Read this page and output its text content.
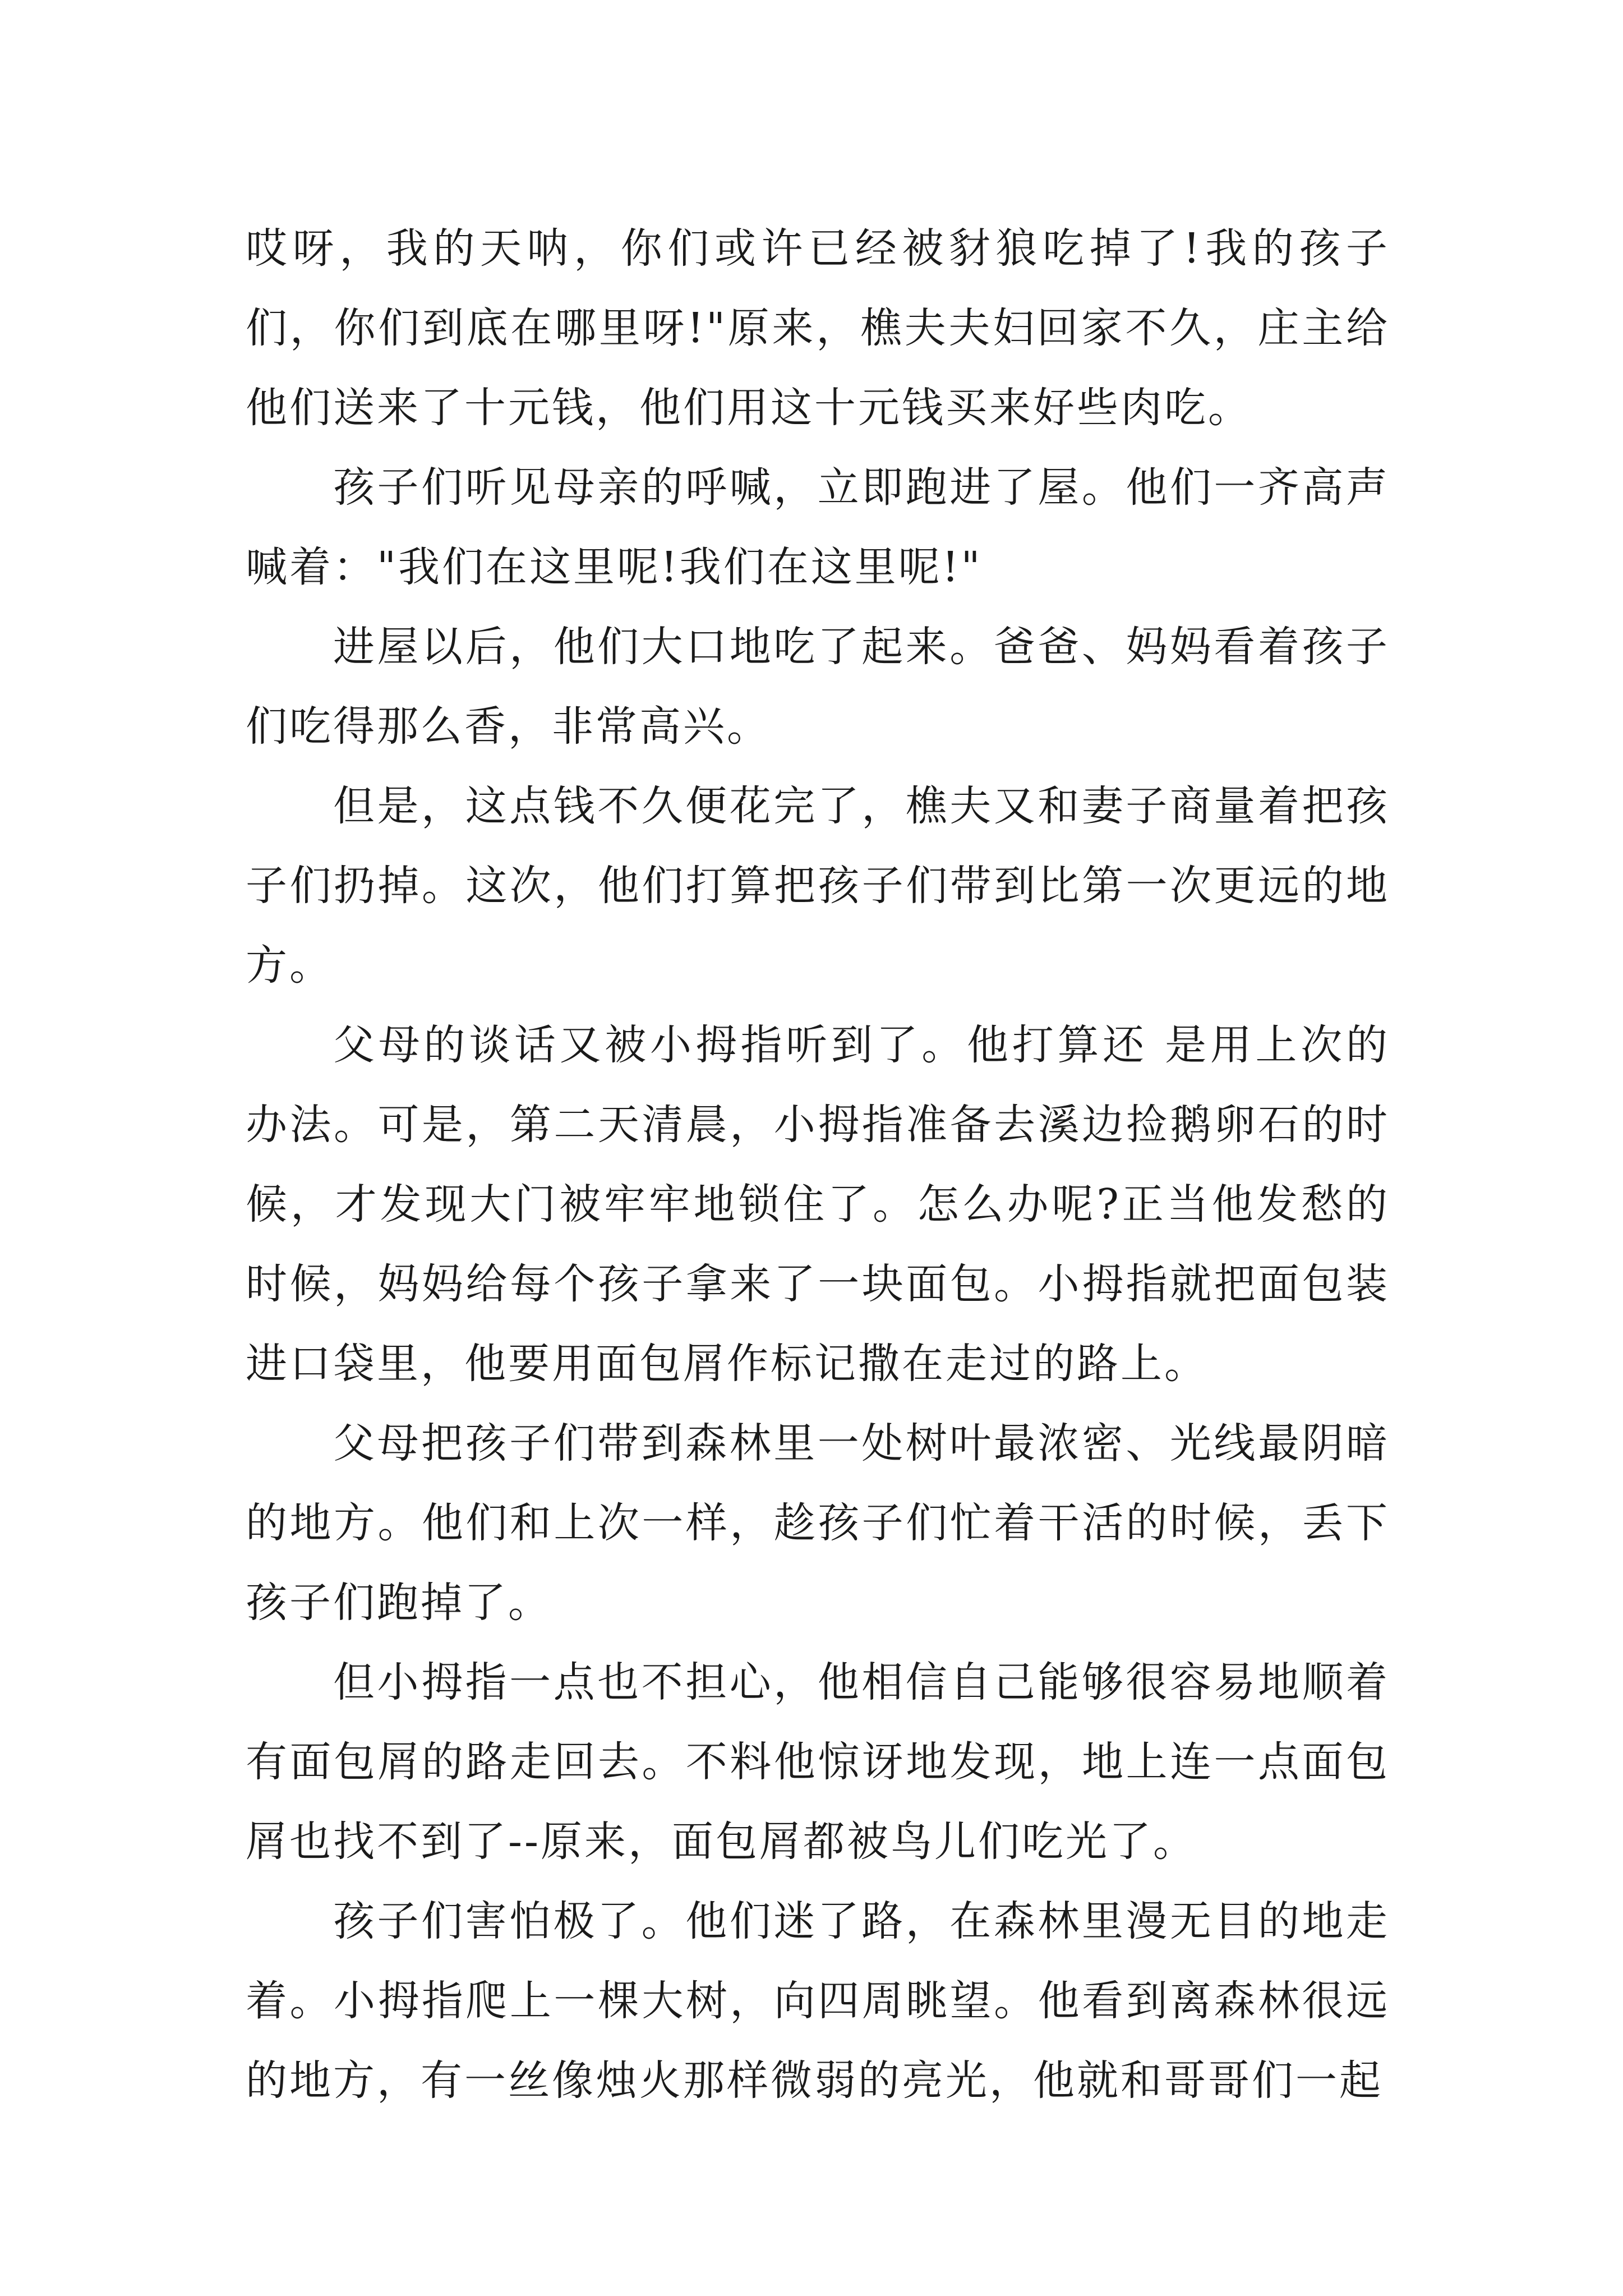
哎呀，我的天呐，你们或许已经被豺狼吃掉了!我的孩子们，你们到底在哪里呀!"原来，樵夫夫妇回家不久，庄主给他们送来了十元钱，他们用这十元钱买来好些肉吃。

孩子们听见母亲的呼喊，立即跑进了屋。他们一齐高声喊着："我们在这里呢!我们在这里呢!"

进屋以后，他们大口地吃了起来。爸爸、妈妈看着孩子们吃得那么香，非常高兴。

但是，这点钱不久便花完了，樵夫又和妻子商量着把孩子们扔掉。这次，他们打算把孩子们带到比第一次更远的地方。

父母的谈话又被小拇指听到了。他打算还 是用上次的办法。可是，第二天清晨，小拇指准备去溪边捡鹅卵石的时候，才发现大门被牢牢地锁住了。怎么办呢?正当他发愁的时候，妈妈给每个孩子拿来了一块面包。小拇指就把面包装进口袋里，他要用面包屑作标记撒在走过的路上。

父母把孩子们带到森林里一处树叶最浓密、光线最阴暗的地方。他们和上次一样，趁孩子们忙着干活的时候，丢下孩子们跑掉了。

但小拇指一点也不担心，他相信自己能够很容易地顺着有面包屑的路走回去。不料他惊讶地发现，地上连一点面包屑也找不到了--原来，面包屑都被鸟儿们吃光了。

孩子们害怕极了。他们迷了路，在森林里漫无目的地走着。小拇指爬上一棵大树，向四周眺望。他看到离森林很远的地方，有一丝像烛火那样微弱的亮光，他就和哥哥们一起
